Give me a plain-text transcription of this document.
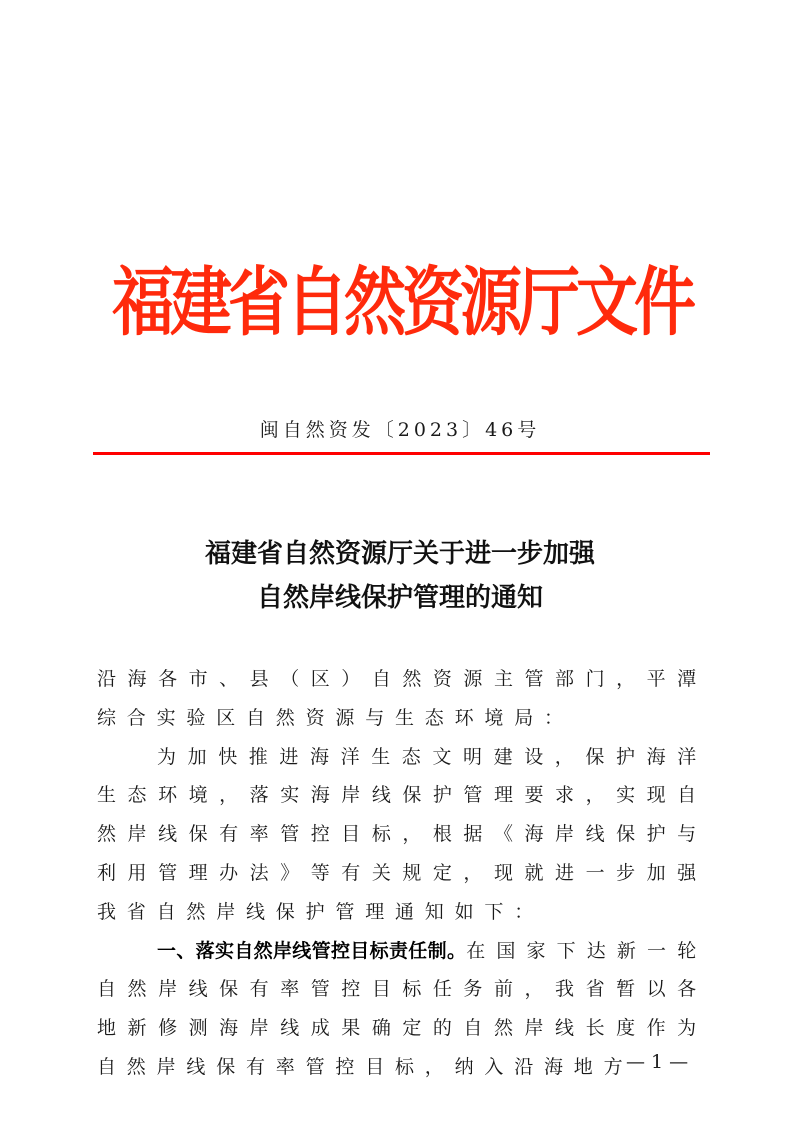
福建省自然资源厅文件
闽自然资发〔2023〕46号
福建省自然资源厅关于进一步加强
自然岸线保护管理的通知

沿海各市、县（区）自然资源主管部门，平潭综合实验区自然资源与生态环境局：

为加快推进海洋生态文明建设，保护海洋生态环境，落实海岸线保护管理要求，实现自然岸线保有率管控目标，根据《海岸线保护与利用管理办法》等有关规定，现就进一步加强我省自然岸线保护管理通知如下：

一、落实自然岸线管控目标责任制。在国家下达新一轮自然岸线保有率管控目标任务前，我省暂以各地新修测海岸线成果确定的自然岸线长度作为自然岸线保有率管控目标，纳入沿海地方

— 1 —
